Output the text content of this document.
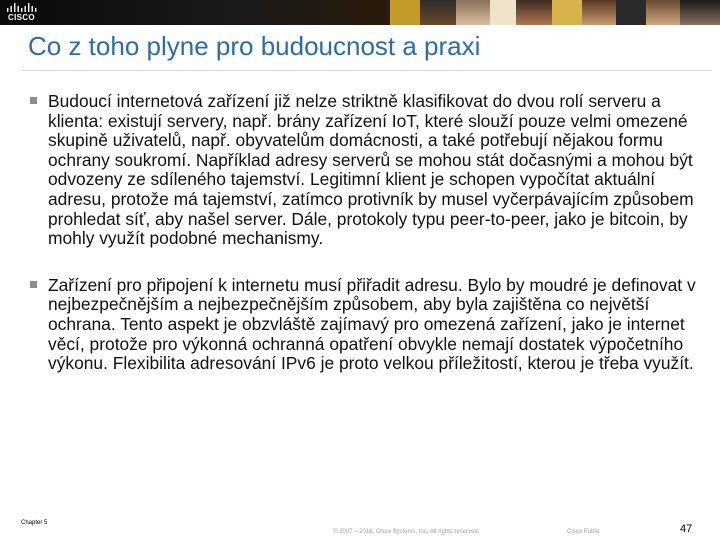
CISCO
Co z toho plyne pro budoucnost a praxi

Budoucí internetová zařízení již nelze striktně klasifikovat do dvou rolí serveru a klienta: existují servery, např. brány zařízení IoT, které slouží pouze velmi omezené skupině uživatelů, např. obyvatelům domácnosti, a také potřebují nějakou formu ochrany soukromí. Například adresy serverů se mohou stát dočasnými a mohou být odvozeny ze sdíleného tajemství. Legitimní klient je schopen vypočítat aktuální adresu, protože má tajemství, zatímco protivník by musel vyčerpávajícím způsobem prohledat síť, aby našel server. Dále, protokoly typu peer-to-peer, jako je bitcoin, by mohly využít podobné mechanismy.

Zařízení pro připojení k internetu musí přiřadit adresu. Bylo by moudré je definovat v nejbezpečnějším a nejbezpečnějším způsobem, aby byla zajištěna co největší ochrana. Tento aspekt je obzvláště zajímavý pro omezená zařízení, jako je internet věcí, protože pro výkonná ochranná opatření obvykle nemají dostatek výpočetního výkonu. Flexibilita adresování IPv6 je proto velkou příležitostí, kterou je třeba využít.

Chapter 5
© 2007 – 2016, Cisco Systems, Inc. All rights reserved.	Cisco Public	47
